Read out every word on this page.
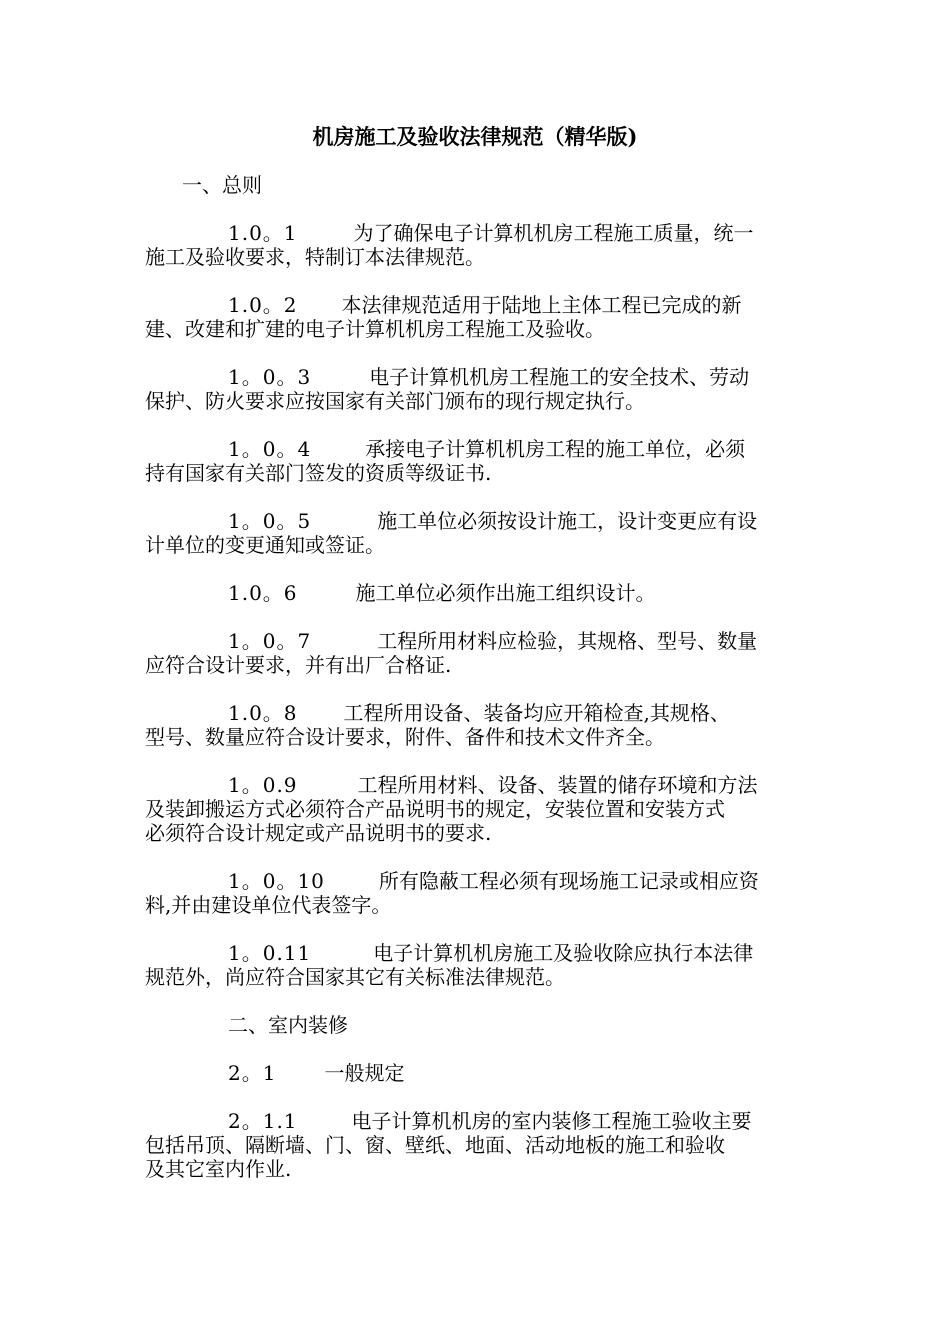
机房施工及验收法律规范（精华版)
一、总则
1.0。1	为了确保电子计算机机房工程施工质量，统一
施工及验收要求，特制订本法律规范。
1.0。2 本法律规范适用于陆地上主体工程已完成的新
建、改建和扩建的电子计算机机房工程施工及验收。
1。0。3	电子计算机机房工程施工的安全技术、劳动
保护、防火要求应按国家有关部门颁布的现行规定执行。
1。0。4	承接电子计算机机房工程的施工单位，必须
持有国家有关部门签发的资质等级证书.
1。0。5	施工单位必须按设计施工，设计变更应有设
计单位的变更通知或签证。
1.0。6	施工单位必须作出施工组织设计。
1。0。7	工程所用材料应检验，其规格、型号、数量
应符合设计要求，并有出厂合格证.
1.0。8 工程所用设备、装备均应开箱检查,其规格、
型号、数量应符合设计要求，附件、备件和技术文件齐全。
1。0.9	工程所用材料、设备、装置的储存环境和方法
及装卸搬运方式必须符合产品说明书的规定，安装位置和安装方式
必须符合设计规定或产品说明书的要求.
1。0。10	所有隐蔽工程必须有现场施工记录或相应资
料,并由建设单位代表签字。
1。0.11	电子计算机机房施工及验收除应执行本法律
规范外，尚应符合国家其它有关标准法律规范。
二、室内装修
2。1 一般规定
2。1.1	电子计算机机房的室内装修工程施工验收主要
包括吊顶、隔断墙、门、窗、壁纸、地面、活动地板的施工和验收
及其它室内作业.
